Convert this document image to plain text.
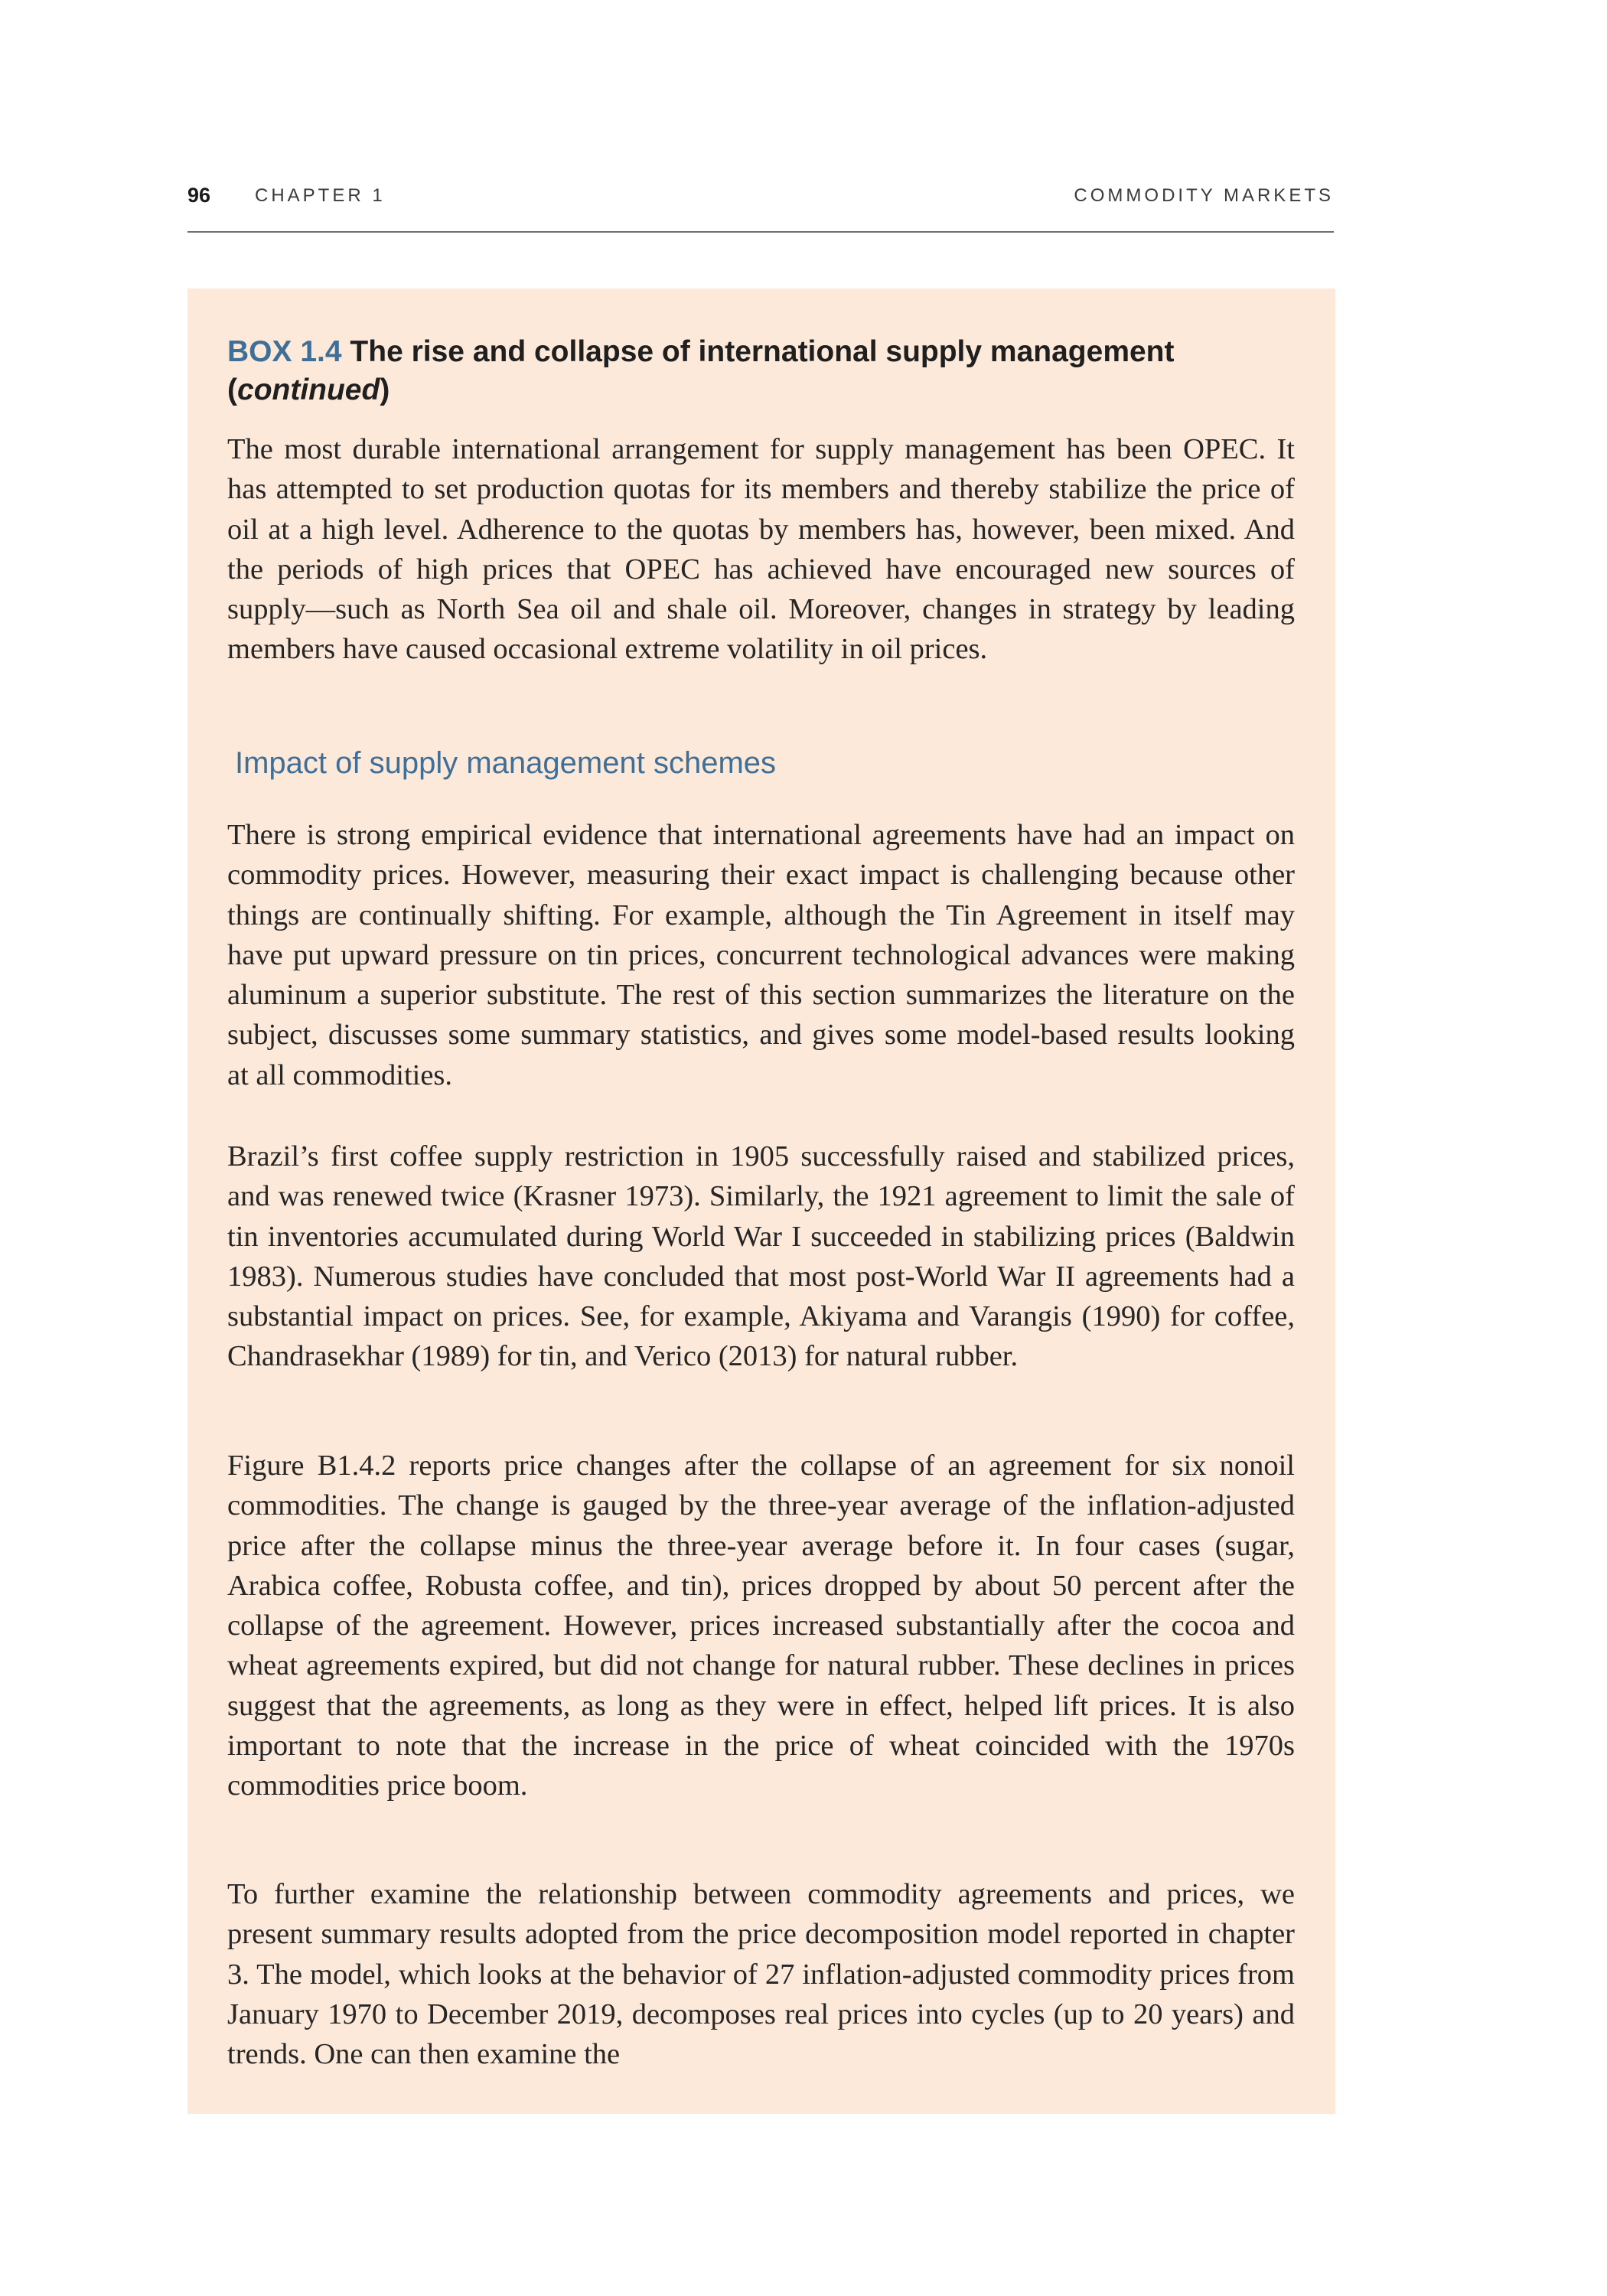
96 CHAPTER 1	COMMODITY MARKETS
BOX 1.4 The rise and collapse of international supply management
(continued)

The most durable international arrangement for supply management has been OPEC. It has attempted to set production quotas for its members and thereby stabilize the price of oil at a high level. Adherence to the quotas by members has, however, been mixed. And the periods of high prices that OPEC has achieved have encouraged new sources of supply—such as North Sea oil and shale oil. Moreover, changes in strategy by leading members have caused occasional extreme volatility in oil prices.

Impact of supply management schemes

There is strong empirical evidence that international agreements have had an impact on commodity prices. However, measuring their exact impact is challenging because other things are continually shifting. For example, although the Tin Agreement in itself may have put upward pressure on tin prices, concurrent technological advances were making aluminum a superior substitute. The rest of this section summarizes the literature on the subject, discusses some summary statistics, and gives some model-based results looking at all commodities.

Brazil’s first coffee supply restriction in 1905 successfully raised and stabilized prices, and was renewed twice (Krasner 1973). Similarly, the 1921 agreement to limit the sale of tin inventories accumulated during World War I succeeded in stabilizing prices (Baldwin 1983). Numerous studies have concluded that most post-World War II agreements had a substantial impact on prices. See, for example, Akiyama and Varangis (1990) for coffee, Chandrasekhar (1989) for tin, and Verico (2013) for natural rubber.

Figure B1.4.2 reports price changes after the collapse of an agreement for six nonoil commodities. The change is gauged by the three-year average of the inflation-adjusted price after the collapse minus the three-year average before it. In four cases (sugar, Arabica coffee, Robusta coffee, and tin), prices dropped by about 50 percent after the collapse of the agreement. However, prices increased substantially after the cocoa and wheat agreements expired, but did not change for natural rubber. These declines in prices suggest that the agreements, as long as they were in effect, helped lift prices. It is also important to note that the increase in the price of wheat coincided with the 1970s commodities price boom.

To further examine the relationship between commodity agreements and prices, we present summary results adopted from the price decomposition model reported in chapter 3. The model, which looks at the behavior of 27 inflation-adjusted commodity prices from January 1970 to December 2019, decomposes real prices into cycles (up to 20 years) and trends. One can then examine the
